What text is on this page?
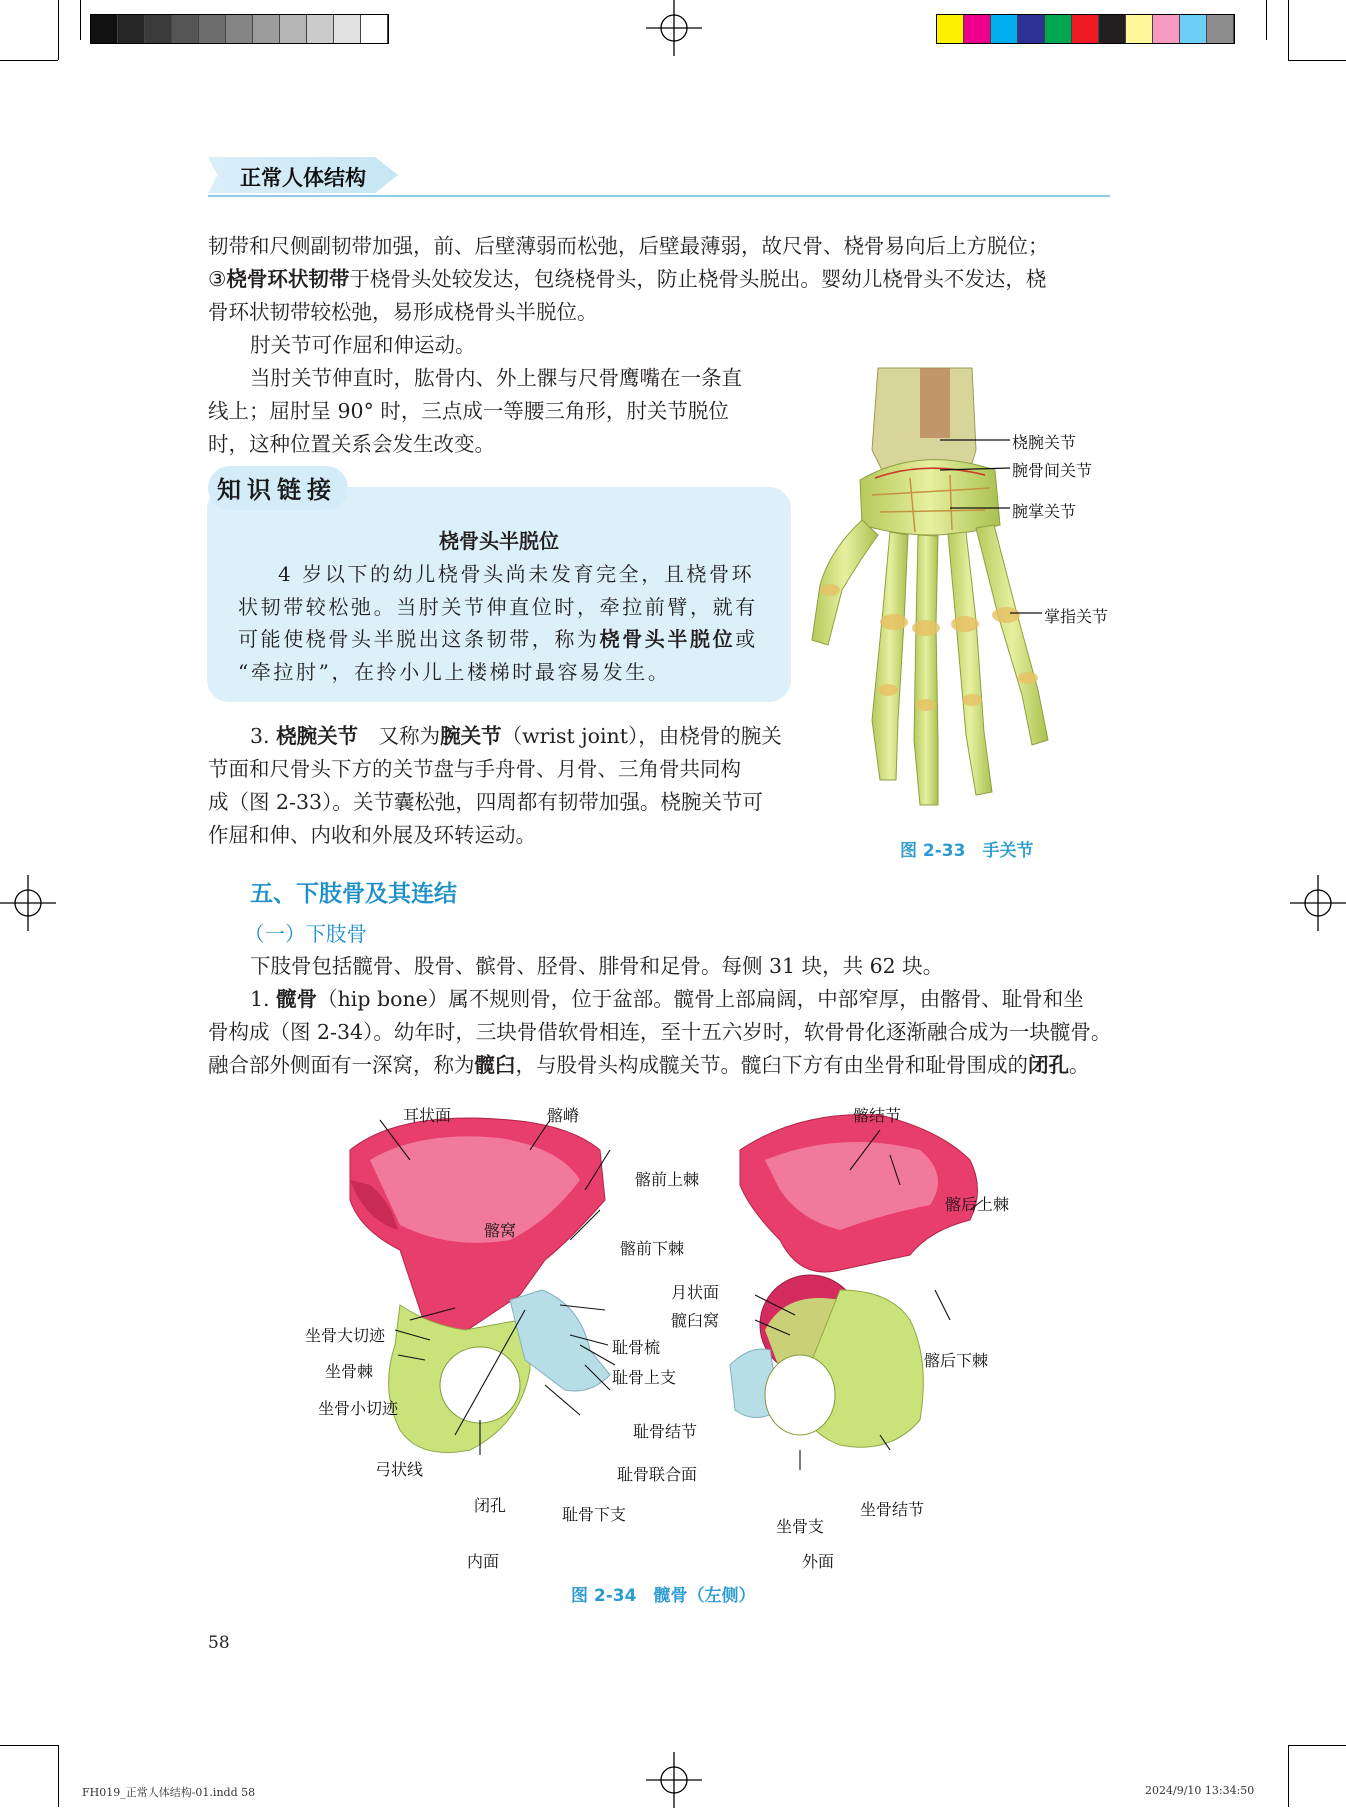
正常人体结构

韧带和尺侧副韧带加强，前、后壁薄弱而松弛，后壁最薄弱，故尺骨、桡骨易向后上方脱位；

③桡骨环状韧带于桡骨头处较发达，包绕桡骨头，防止桡骨头脱出。婴幼儿桡骨头不发达，桡

骨环状韧带较松弛，易形成桡骨头半脱位。

肘关节可作屈和伸运动。

当肘关节伸直时，肱骨内、外上髁与尺骨鹰嘴在一条直

线上；屈肘呈 90° 时，三点成一等腰三角形，肘关节脱位

时，这种位置关系会发生改变。

知识链接
桡骨头半脱位
4 岁以下的幼儿桡骨头尚未发育完全，且桡骨环
状韧带较松弛。当肘关节伸直位时，牵拉前臂，就有
可能使桡骨头半脱出这条韧带，称为桡骨头半脱位或
“牵拉肘”，在拎小儿上楼梯时最容易发生。

3. 桡腕关节　又称为腕关节（wrist joint），由桡骨的腕关

节面和尺骨头下方的关节盘与手舟骨、月骨、三角骨共同构

成（图 2-33）。关节囊松弛，四周都有韧带加强。桡腕关节可

作屈和伸、内收和外展及环转运动。

桡腕关节
腕骨间关节
腕掌关节
掌指关节
图 2-33　手关节
五、下肢骨及其连结
（一）下肢骨

下肢骨包括髋骨、股骨、髌骨、胫骨、腓骨和足骨。每侧 31 块，共 62 块。

1. 髋骨（hip bone）属不规则骨，位于盆部。髋骨上部扁阔，中部窄厚，由髂骨、耻骨和坐

骨构成（图 2-34）。幼年时，三块骨借软骨相连，至十五六岁时，软骨骨化逐渐融合成为一块髋骨。

融合部外侧面有一深窝，称为髋臼，与股骨头构成髋关节。髋臼下方有由坐骨和耻骨围成的闭孔。

耳状面	髂嵴
髂窝
髂前上棘
髂前下棘
坐骨大切迹
坐骨棘
坐骨小切迹
弓状线
闭孔
耻骨梳
耻骨上支
耻骨结节
耻骨联合面
耻骨下支
髂结节
髂后上棘
月状面
髋臼窝
髂后下棘
坐骨支
坐骨结节
内面	外面
图 2-34　髋骨（左侧）
58
FH019_正常人体结构-01.indd 58	2024/9/10 13:34:50
